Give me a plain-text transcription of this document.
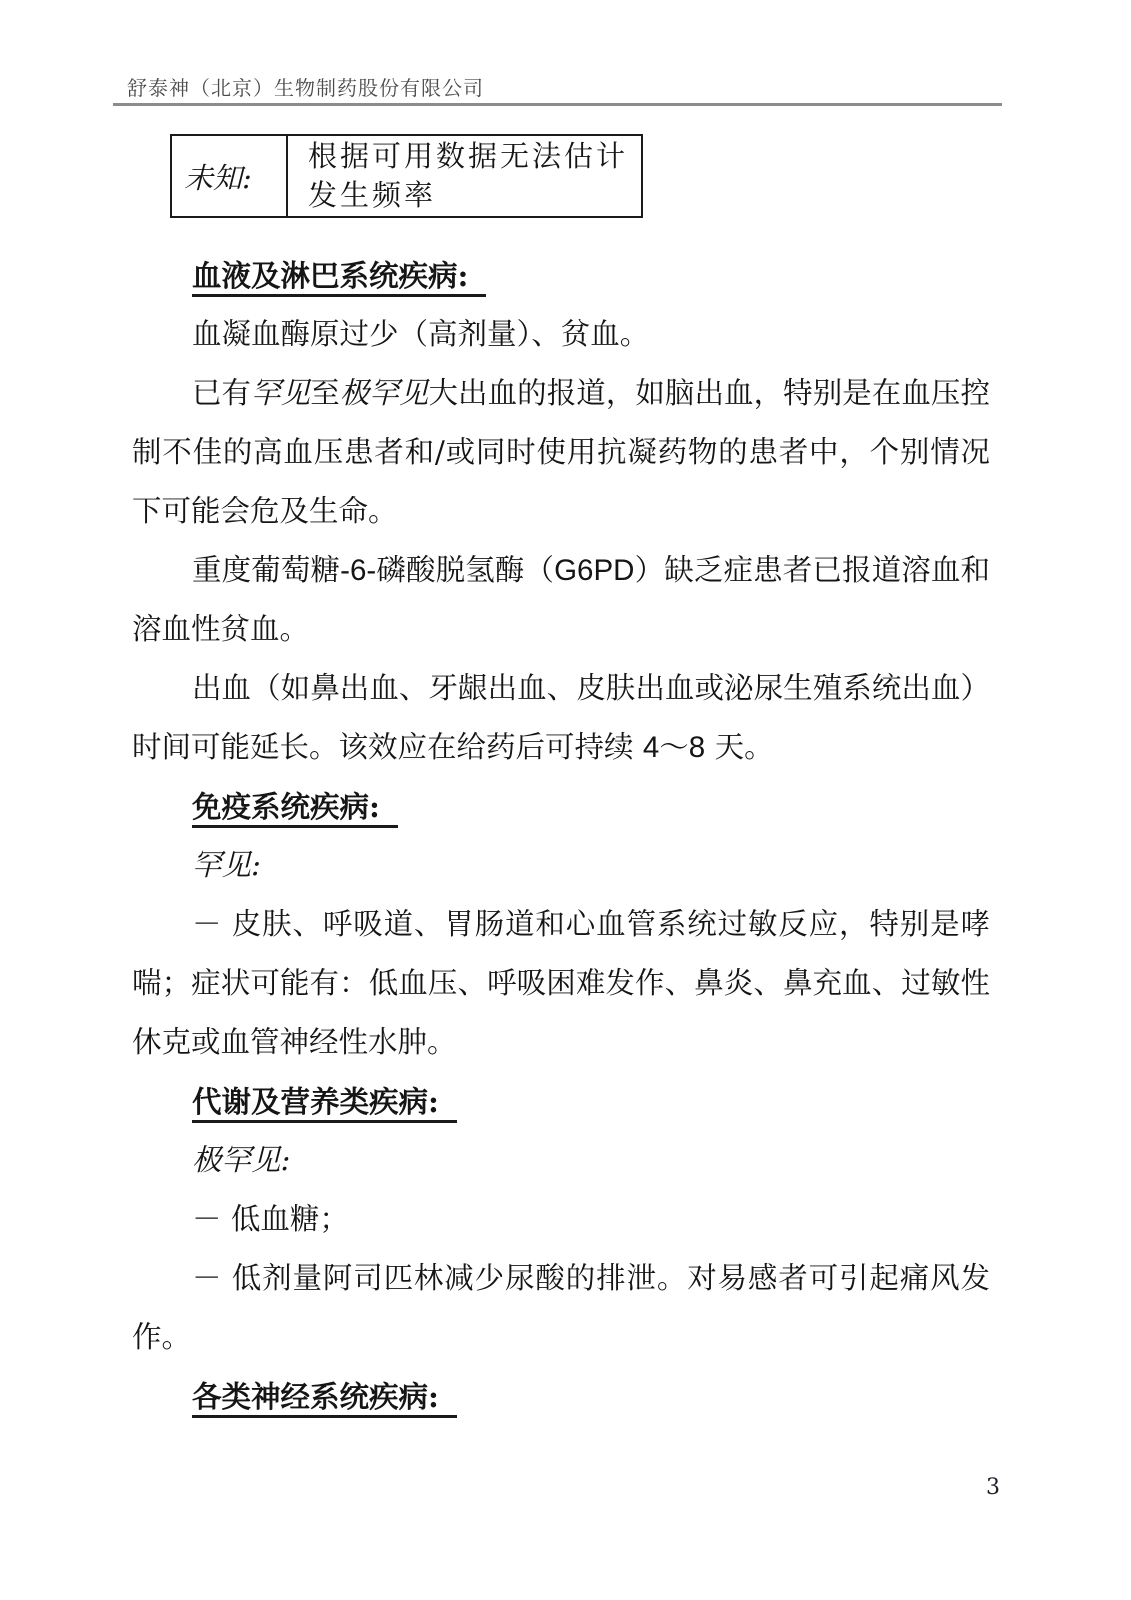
舒泰神（北京）生物制药股份有限公司
未知:	根据可用数据无法估计发生频率
血液及淋巴系统疾病:
血凝血酶原过少（高剂量）、贫血。
已有罕见至极罕见大出血的报道，如脑出血，特别是在血压控制不佳的高血压患者和/或同时使用抗凝药物的患者中，个别情况下可能会危及生命。
重度葡萄糖-6-磷酸脱氢酶（G6PD）缺乏症患者已报道溶血和溶血性贫血。
出血（如鼻出血、牙龈出血、皮肤出血或泌尿生殖系统出血）时间可能延长。该效应在给药后可持续 4～8 天。
免疫系统疾病:
罕见:
－ 皮肤、呼吸道、胃肠道和心血管系统过敏反应，特别是哮喘；症状可能有：低血压、呼吸困难发作、鼻炎、鼻充血、过敏性休克或血管神经性水肿。
代谢及营养类疾病:
极罕见:
－ 低血糖；
－ 低剂量阿司匹林减少尿酸的排泄。对易感者可引起痛风发作。
各类神经系统疾病:
3
